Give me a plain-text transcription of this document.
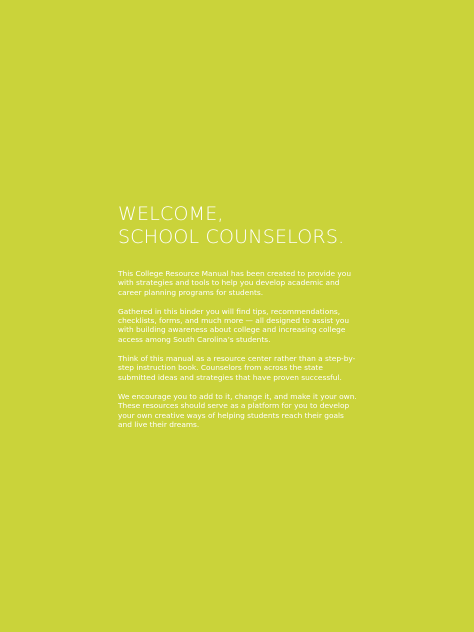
WELCOME,
SCHOOL COUNSELORS.

This College Resource Manual has been created to provide you with strategies and tools to help you develop academic and career planning programs for students.

Gathered in this binder you will find tips, recommendations, checklists, forms, and much more — all designed to assist you with building awareness about college and increasing college access among South Carolina’s students.

Think of this manual as a resource center rather than a step-by-step instruction book. Counselors from across the state submitted ideas and strategies that have proven successful.

We encourage you to add to it, change it, and make it your own. These resources should serve as a platform for you to develop your own creative ways of helping students reach their goals and live their dreams.
